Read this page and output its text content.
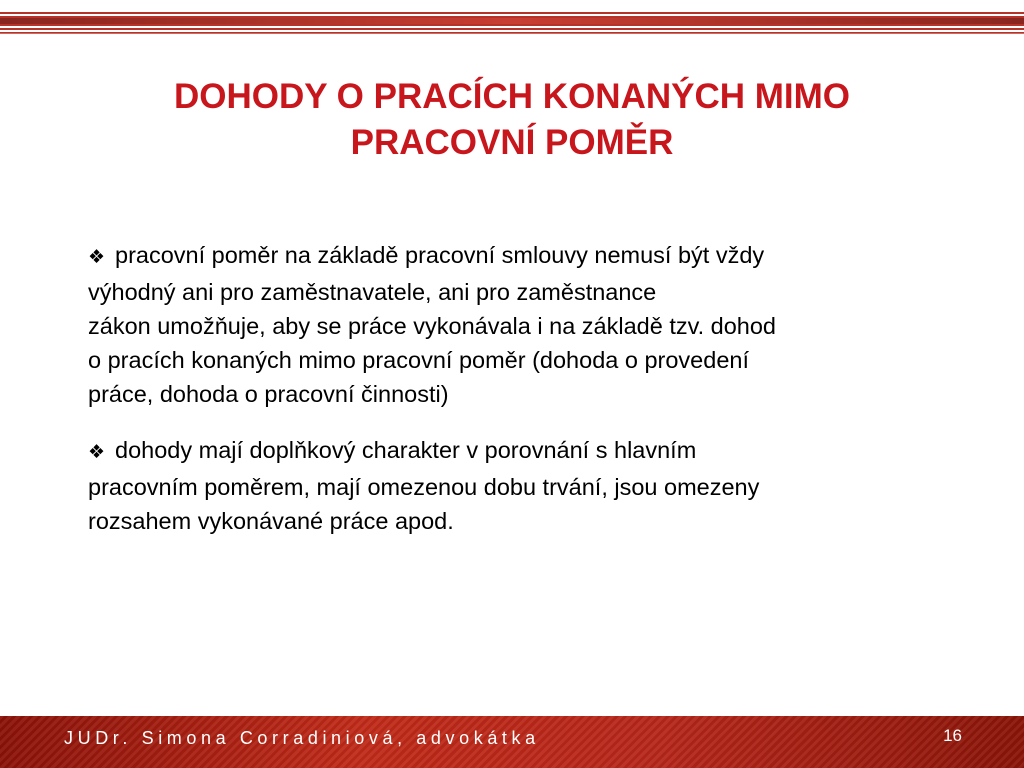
DOHODY O PRACÍCH KONANÝCH MIMO
PRACOVNÍ POMĚR

❖ pracovní poměr na základě pracovní smlouvy nemusí být vždy
výhodný ani pro zaměstnavatele, ani pro zaměstnance
zákon umožňuje, aby se práce vykonávala i na základě tzv. dohod
o pracích konaných mimo pracovní poměr (dohoda o provedení
práce, dohoda o pracovní činnosti)

❖ dohody mají doplňkový charakter v porovnání s hlavním
pracovním poměrem, mají omezenou dobu trvání, jsou omezeny
rozsahem vykonávané práce apod.

JUDr. Simona Corradiniová, advokátka	16
